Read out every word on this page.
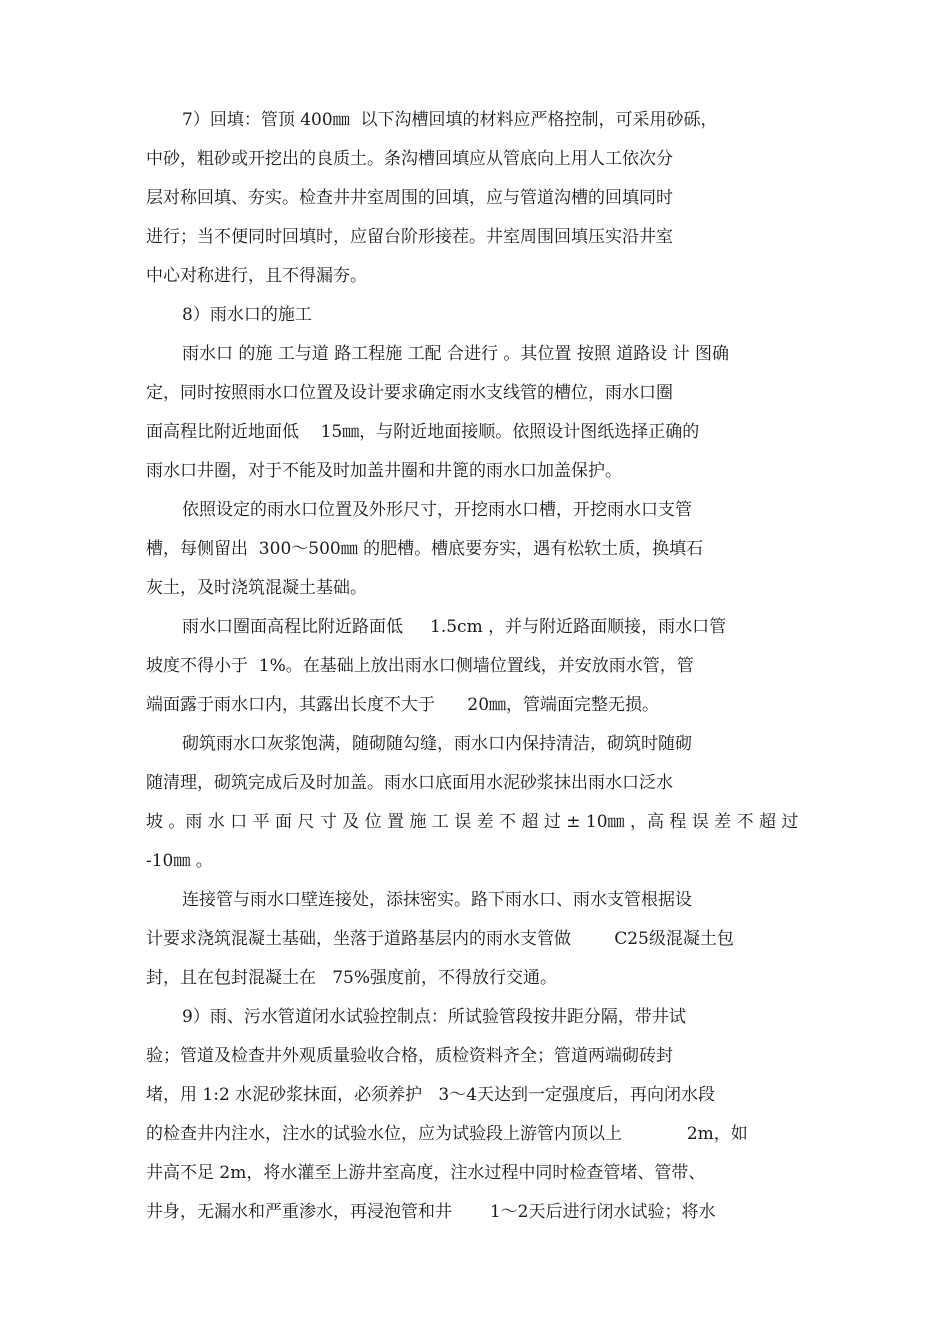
7）回填：管顶 400㎜  以下沟槽回填的材料应严格控制，可采用砂砾，
中砂，粗砂或开挖出的良质土。条沟槽回填应从管底向上用人工依次分
层对称回填、夯实。检查井井室周围的回填，应与管道沟槽的回填同时
进行；当不便同时回填时，应留台阶形接茬。井室周围回填压实沿井室
中心对称进行，且不得漏夯。
8）雨水口的施工
雨水口 的施 工与道 路工程施 工配 合进行 。其位置 按照 道路设 计 图确
定，同时按照雨水口位置及设计要求确定雨水支线管的槽位，雨水口圈
面高程比附近地面低    15㎜，与附近地面接顺。依照设计图纸选择正确的
雨水口井圈，对于不能及时加盖井圈和井篦的雨水口加盖保护。
依照设定的雨水口位置及外形尺寸，开挖雨水口槽，开挖雨水口支管
槽，每侧留出  300～500㎜ 的肥槽。槽底要夯实，遇有松软土质，换填石
灰土，及时浇筑混凝土基础。
雨水口圈面高程比附近路面低     1.5cm ，并与附近路面顺接，雨水口管
坡度不得小于  1%。在基础上放出雨水口侧墙位置线，并安放雨水管，管
端面露于雨水口内，其露出长度不大于      20㎜，管端面完整无损。
砌筑雨水口灰浆饱满，随砌随勾缝，雨水口内保持清洁，砌筑时随砌
随清理，砌筑完成后及时加盖。雨水口底面用水泥砂浆抹出雨水口泛水
坡 。雨 水 口 平 面 尺 寸 及 位 置 施 工 误 差 不 超 过 ± 10㎜ ，高 程 误 差 不 超 过
-10㎜ 。
连接管与雨水口壁连接处，添抹密实。路下雨水口、雨水支管根据设
计要求浇筑混凝土基础，坐落于道路基层内的雨水支管做        C25级混凝土包
封，且在包封混凝土在   75%强度前，不得放行交通。
9）雨、污水管道闭水试验控制点：所试验管段按井距分隔，带井试
验；管道及检查井外观质量验收合格，质检资料齐全；管道两端砌砖封
堵，用 1:2 水泥砂浆抹面，必须养护   3～4天达到一定强度后，再向闭水段
的检查井内注水，注水的试验水位，应为试验段上游管内顶以上            2m，如
井高不足 2m，将水灌至上游井室高度，注水过程中同时检查管堵、管带、
井身，无漏水和严重渗水，再浸泡管和井       1～2天后进行闭水试验；将水
